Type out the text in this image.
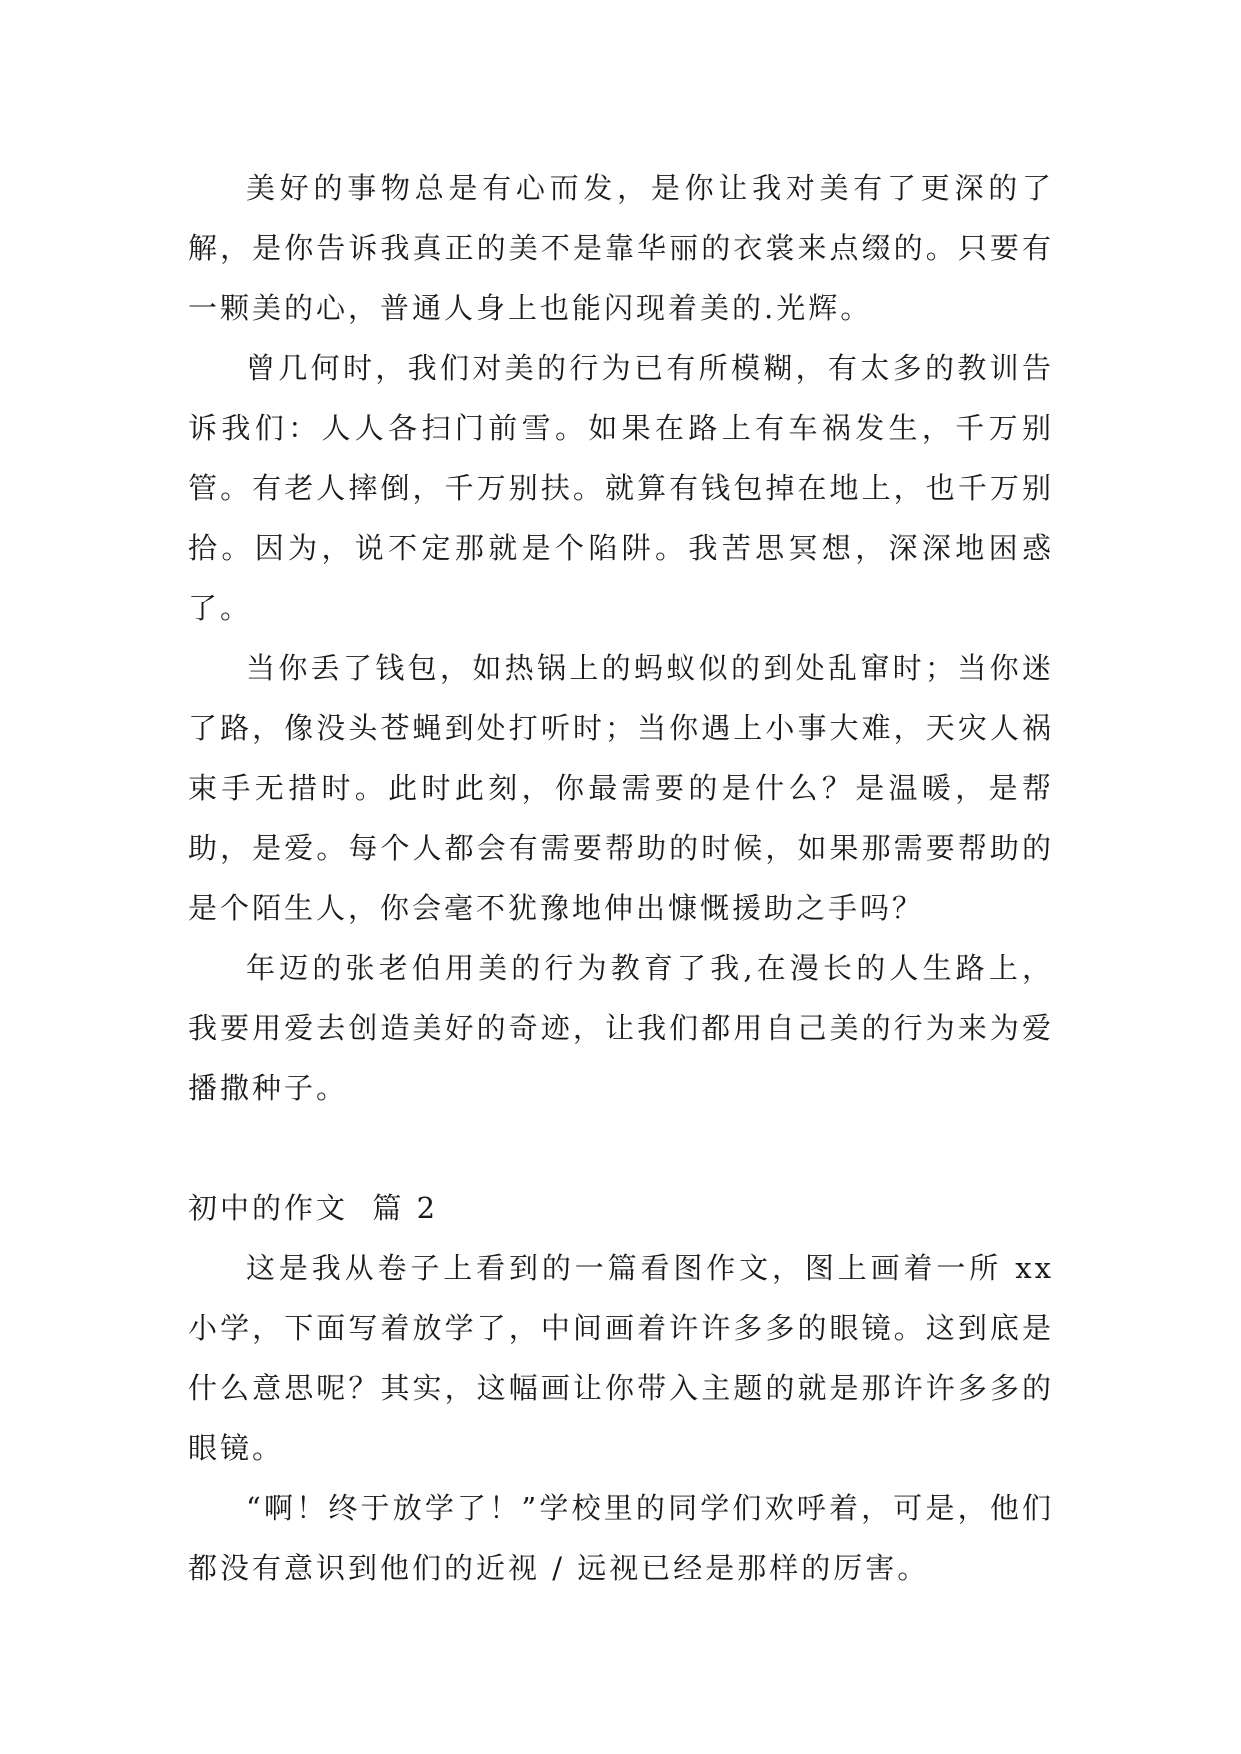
美好的事物总是有心而发，是你让我对美有了更深的了解，是你告诉我真正的美不是靠华丽的衣裳来点缀的。只要有一颗美的心，普通人身上也能闪现着美的.光辉。

曾几何时，我们对美的行为已有所模糊，有太多的教训告诉我们：人人各扫门前雪。如果在路上有车祸发生，千万别管。有老人摔倒，千万别扶。就算有钱包掉在地上，也千万别拾。因为，说不定那就是个陷阱。我苦思冥想，深深地困惑了。

当你丢了钱包，如热锅上的蚂蚁似的到处乱窜时；当你迷了路，像没头苍蝇到处打听时；当你遇上小事大难，天灾人祸束手无措时。此时此刻，你最需要的是什么？是温暖，是帮助，是爱。每个人都会有需要帮助的时候，如果那需要帮助的是个陌生人，你会毫不犹豫地伸出慷慨援助之手吗？

年迈的张老伯用美的行为教育了我,在漫长的人生路上，我要用爱去创造美好的奇迹，让我们都用自己美的行为来为爱播撒种子。

初中的作文  篇 2

这是我从卷子上看到的一篇看图作文，图上画着一所 xx 小学，下面写着放学了，中间画着许许多多的眼镜。这到底是什么意思呢？其实，这幅画让你带入主题的就是那许许多多的眼镜。

“啊！终于放学了！”学校里的同学们欢呼着，可是，他们都没有意识到他们的近视 / 远视已经是那样的厉害。
